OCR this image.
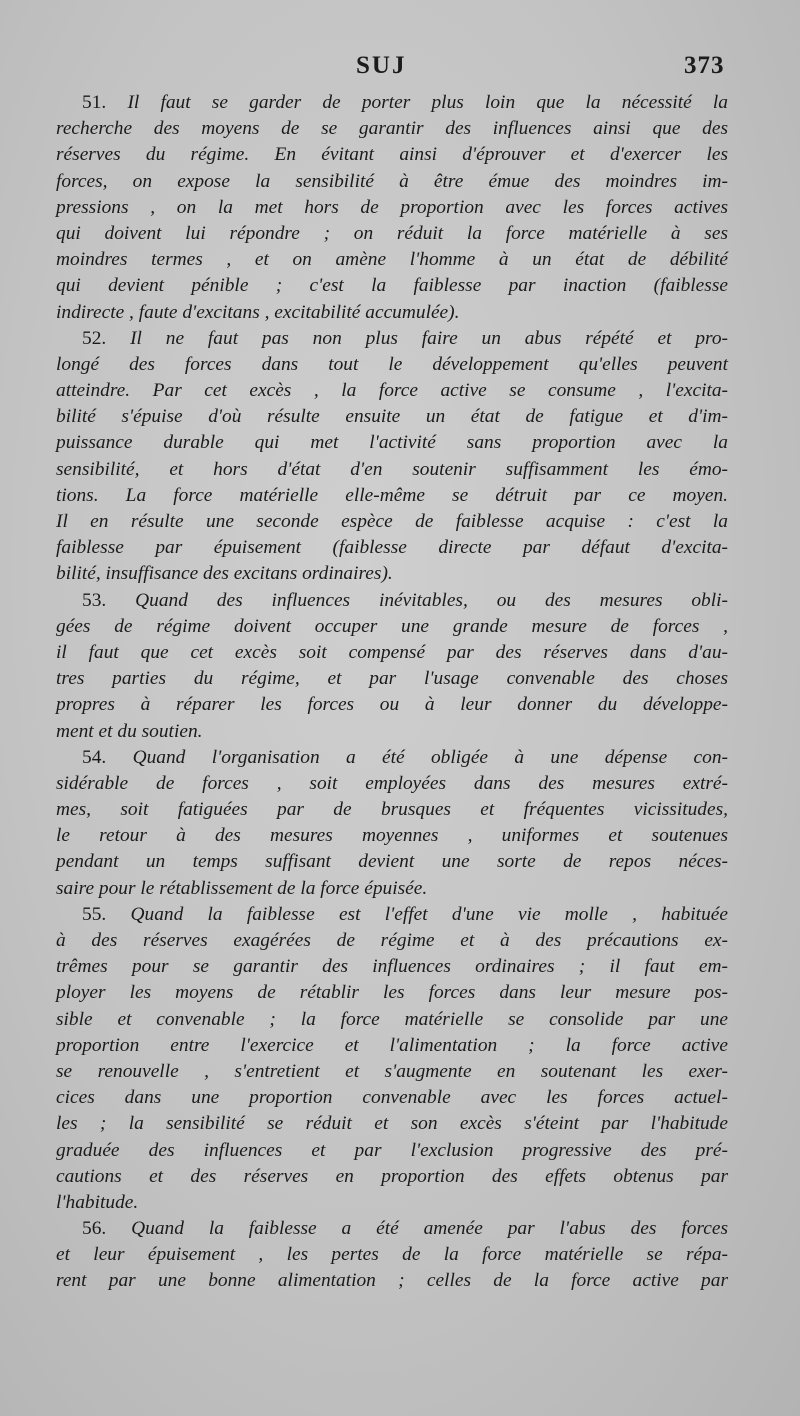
SUJ	373
51. Il faut se garder de porter plus loin que la nécessité la
recherche des moyens de se garantir des influences ainsi que des
réserves du régime. En évitant ainsi d'éprouver et d'exercer les
forces, on expose la sensibilité à être émue des moindres im-
pressions , on la met hors de proportion avec les forces actives
qui doivent lui répondre ; on réduit la force matérielle à ses
moindres termes , et on amène l'homme à un état de débilité
qui devient pénible ; c'est la faiblesse par inaction (faiblesse
indirecte , faute d'excitans , excitabilité accumulée).
52. Il ne faut pas non plus faire un abus répété et pro-
longé des forces dans tout le développement qu'elles peuvent
atteindre. Par cet excès , la force active se consume , l'excita-
bilité s'épuise d'où résulte ensuite un état de fatigue et d'im-
puissance durable qui met l'activité sans proportion avec la
sensibilité, et hors d'état d'en soutenir suffisamment les émo-
tions. La force matérielle elle-même se détruit par ce moyen.
Il en résulte une seconde espèce de faiblesse acquise : c'est la
faiblesse par épuisement (faiblesse directe par défaut d'excita-
bilité, insuffisance des excitans ordinaires).
53. Quand des influences inévitables, ou des mesures obli-
gées de régime doivent occuper une grande mesure de forces ,
il faut que cet excès soit compensé par des réserves dans d'au-
tres parties du régime, et par l'usage convenable des choses
propres à réparer les forces ou à leur donner du développe-
ment et du soutien.
54. Quand l'organisation a été obligée à une dépense con-
sidérable de forces , soit employées dans des mesures extré-
mes, soit fatiguées par de brusques et fréquentes vicissitudes,
le retour à des mesures moyennes , uniformes et soutenues
pendant un temps suffisant devient une sorte de repos néces-
saire pour le rétablissement de la force épuisée.
55. Quand la faiblesse est l'effet d'une vie molle , habituée
à des réserves exagérées de régime et à des précautions ex-
trêmes pour se garantir des influences ordinaires ; il faut em-
ployer les moyens de rétablir les forces dans leur mesure pos-
sible et convenable ; la force matérielle se consolide par une
proportion entre l'exercice et l'alimentation ; la force active
se renouvelle , s'entretient et s'augmente en soutenant les exer-
cices dans une proportion convenable avec les forces actuel-
les ; la sensibilité se réduit et son excès s'éteint par l'habitude
graduée des influences et par l'exclusion progressive des pré-
cautions et des réserves en proportion des effets obtenus par
l'habitude.
56. Quand la faiblesse a été amenée par l'abus des forces
et leur épuisement , les pertes de la force matérielle se répa-
rent par une bonne alimentation ; celles de la force active par
